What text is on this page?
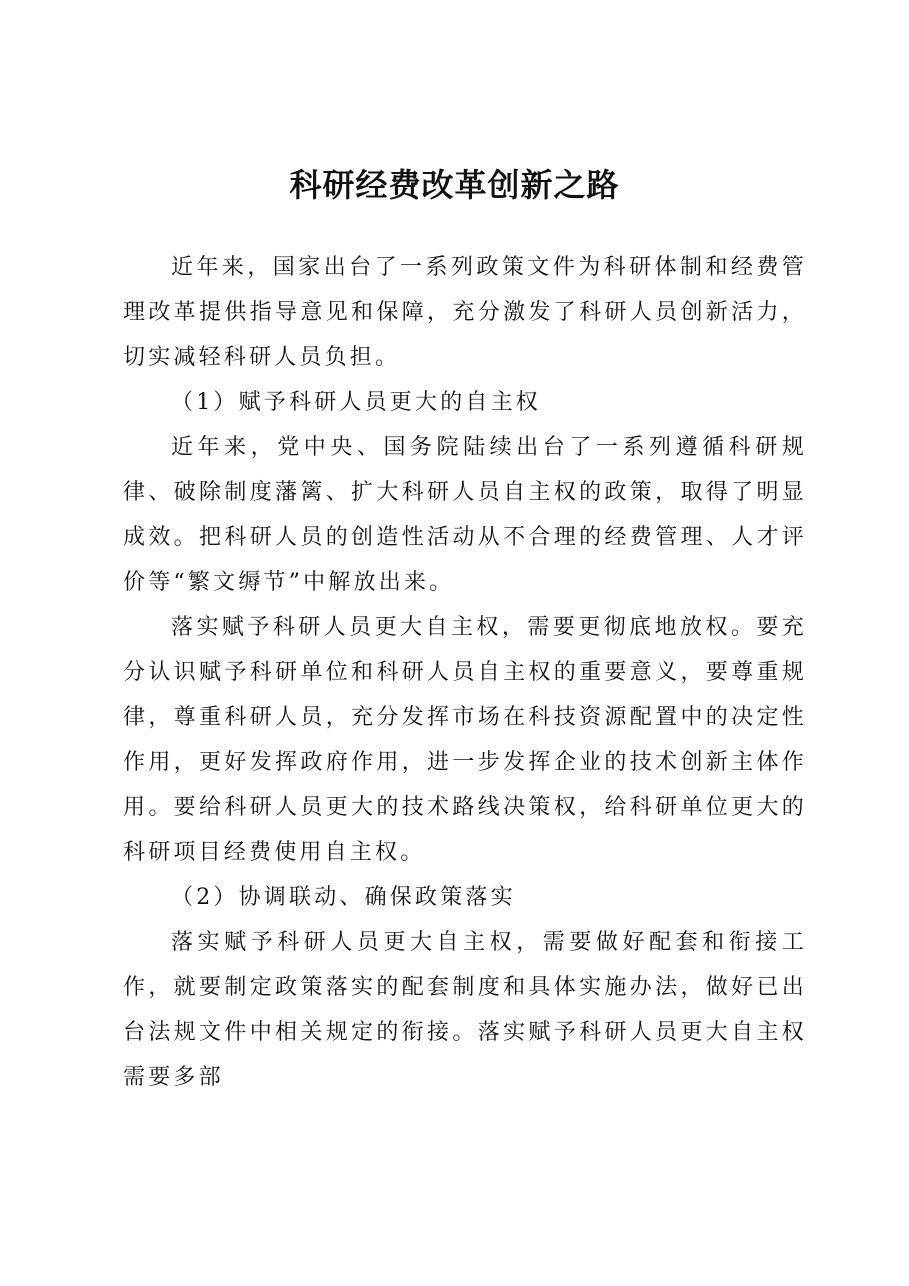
科研经费改革创新之路

近年来，国家出台了一系列政策文件为科研体制和经费管理改革提供指导意见和保障，充分激发了科研人员创新活力，切实减轻科研人员负担。

（1）赋予科研人员更大的自主权

近年来，党中央、国务院陆续出台了一系列遵循科研规律、破除制度藩篱、扩大科研人员自主权的政策，取得了明显成效。把科研人员的创造性活动从不合理的经费管理、人才评价等“繁文缛节”中解放出来。

落实赋予科研人员更大自主权，需要更彻底地放权。要充分认识赋予科研单位和科研人员自主权的重要意义，要尊重规律，尊重科研人员，充分发挥市场在科技资源配置中的决定性作用，更好发挥政府作用，进一步发挥企业的技术创新主体作用。要给科研人员更大的技术路线决策权，给科研单位更大的科研项目经费使用自主权。

（2）协调联动、确保政策落实

落实赋予科研人员更大自主权，需要做好配套和衔接工作，就要制定政策落实的配套制度和具体实施办法，做好已出台法规文件中相关规定的衔接。落实赋予科研人员更大自主权需要多部
